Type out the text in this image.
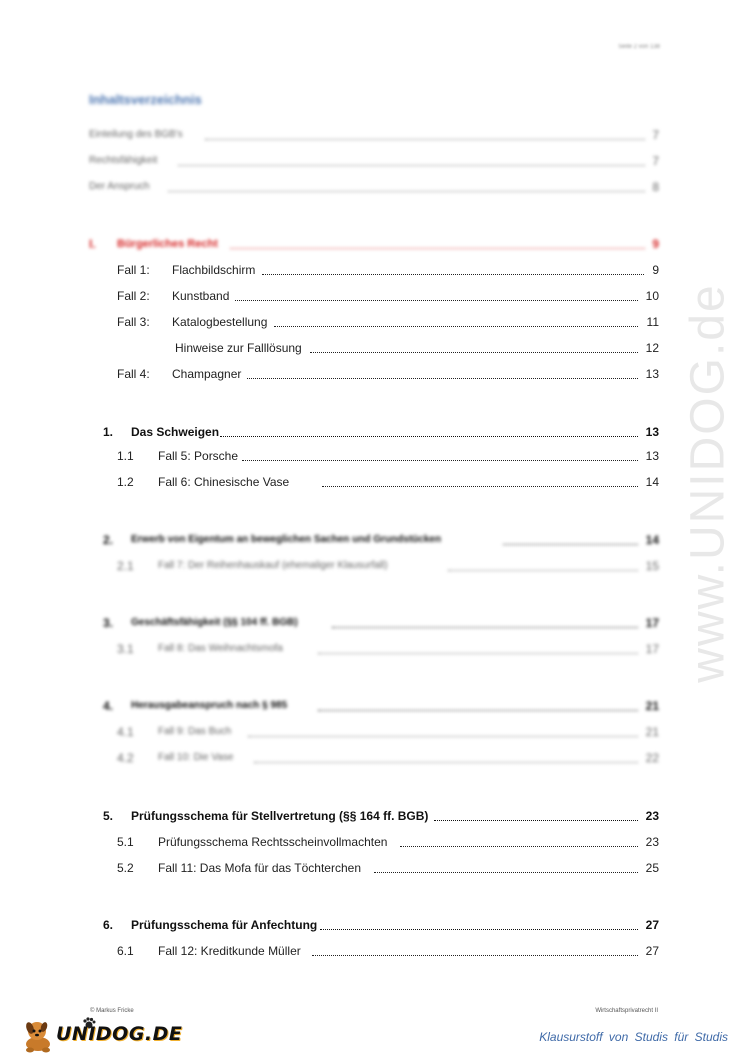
Seite 2 von 138
www.UNIDOG.de
Inhaltsverzeichnis
Einteilung des BGB's	7
Rechtsfähigkeit	7
Der Anspruch	8
I. Bürgerliches Recht	9
Fall 1: Flachbildschirm	9
Fall 2: Kunstband	10
Fall 3: Katalogbestellung	11
Hinweise zur Falllösung	12
Fall 4: Champagner	13
1. Das Schweigen	13
1.1 Fall 5: Porsche	13
1.2 Fall 6: Chinesische Vase	14
2. Erwerb von Eigentum an beweglichen Sachen und Grundstücken	14
2.1 Fall 7: Der Reihenhauskauf (ehemaliger Klausurfall)	15
3. Geschäftsfähigkeit (§§ 104 ff. BGB)	17
3.1 Fall 8: Das Weihnachtsmofa	17
4. Herausgabeanspruch nach § 985	21
4.1 Fall 9: Das Buch	21
4.2 Fall 10: Die Vase	22
5. Prüfungsschema für Stellvertretung (§§ 164 ff. BGB)	23
5.1 Prüfungsschema Rechtsscheinvollmachten	23
5.2 Fall 11: Das Mofa für das Töchterchen	25
6. Prüfungsschema für Anfechtung	27
6.1 Fall 12: Kreditkunde Müller	27
© Markus Fricke	Wirtschaftsprivatrecht II
UNIDOG.DE	Klausurstoff von Studis für Studis
